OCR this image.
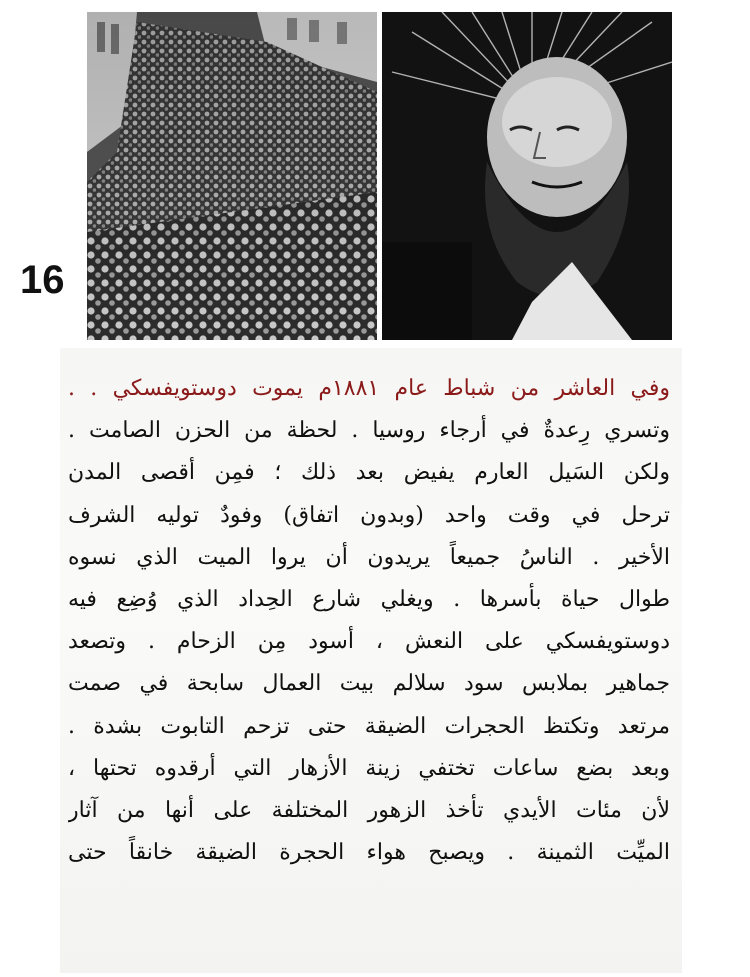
16

وفي العاشر من شباط عام ١٨٨١م يموت دوستويفسكي . .
وتسري رِعدةٌ في أرجاء روسيا . لحظة من الحزن الصامت .
ولكن السَيل العارم يفيض بعد ذلك ؛ فمِن أقصى المدن
ترحل في وقت واحد (وبدون اتفاق) وفودٌ توليه الشرف
الأخير . الناسُ جميعاً يريدون أن يروا الميت الذي نسوه
طوال حياة بأسرها . ويغلي شارع الحِداد الذي وُضِع فيه
دوستويفسكي على النعش ، أسود مِن الزحام . وتصعد
جماهير بملابس سود سلالم بيت العمال سابحة في صمت
مرتعد وتكتظ الحجرات الضيقة حتى تزحم التابوت بشدة .
وبعد بضع ساعات تختفي زينة الأزهار التي أرقدوه تحتها ،
لأن مئات الأيدي تأخذ الزهور المختلفة على أنها من آثار
الميِّت الثمينة . ويصبح هواء الحجرة الضيقة خانقاً حتى
